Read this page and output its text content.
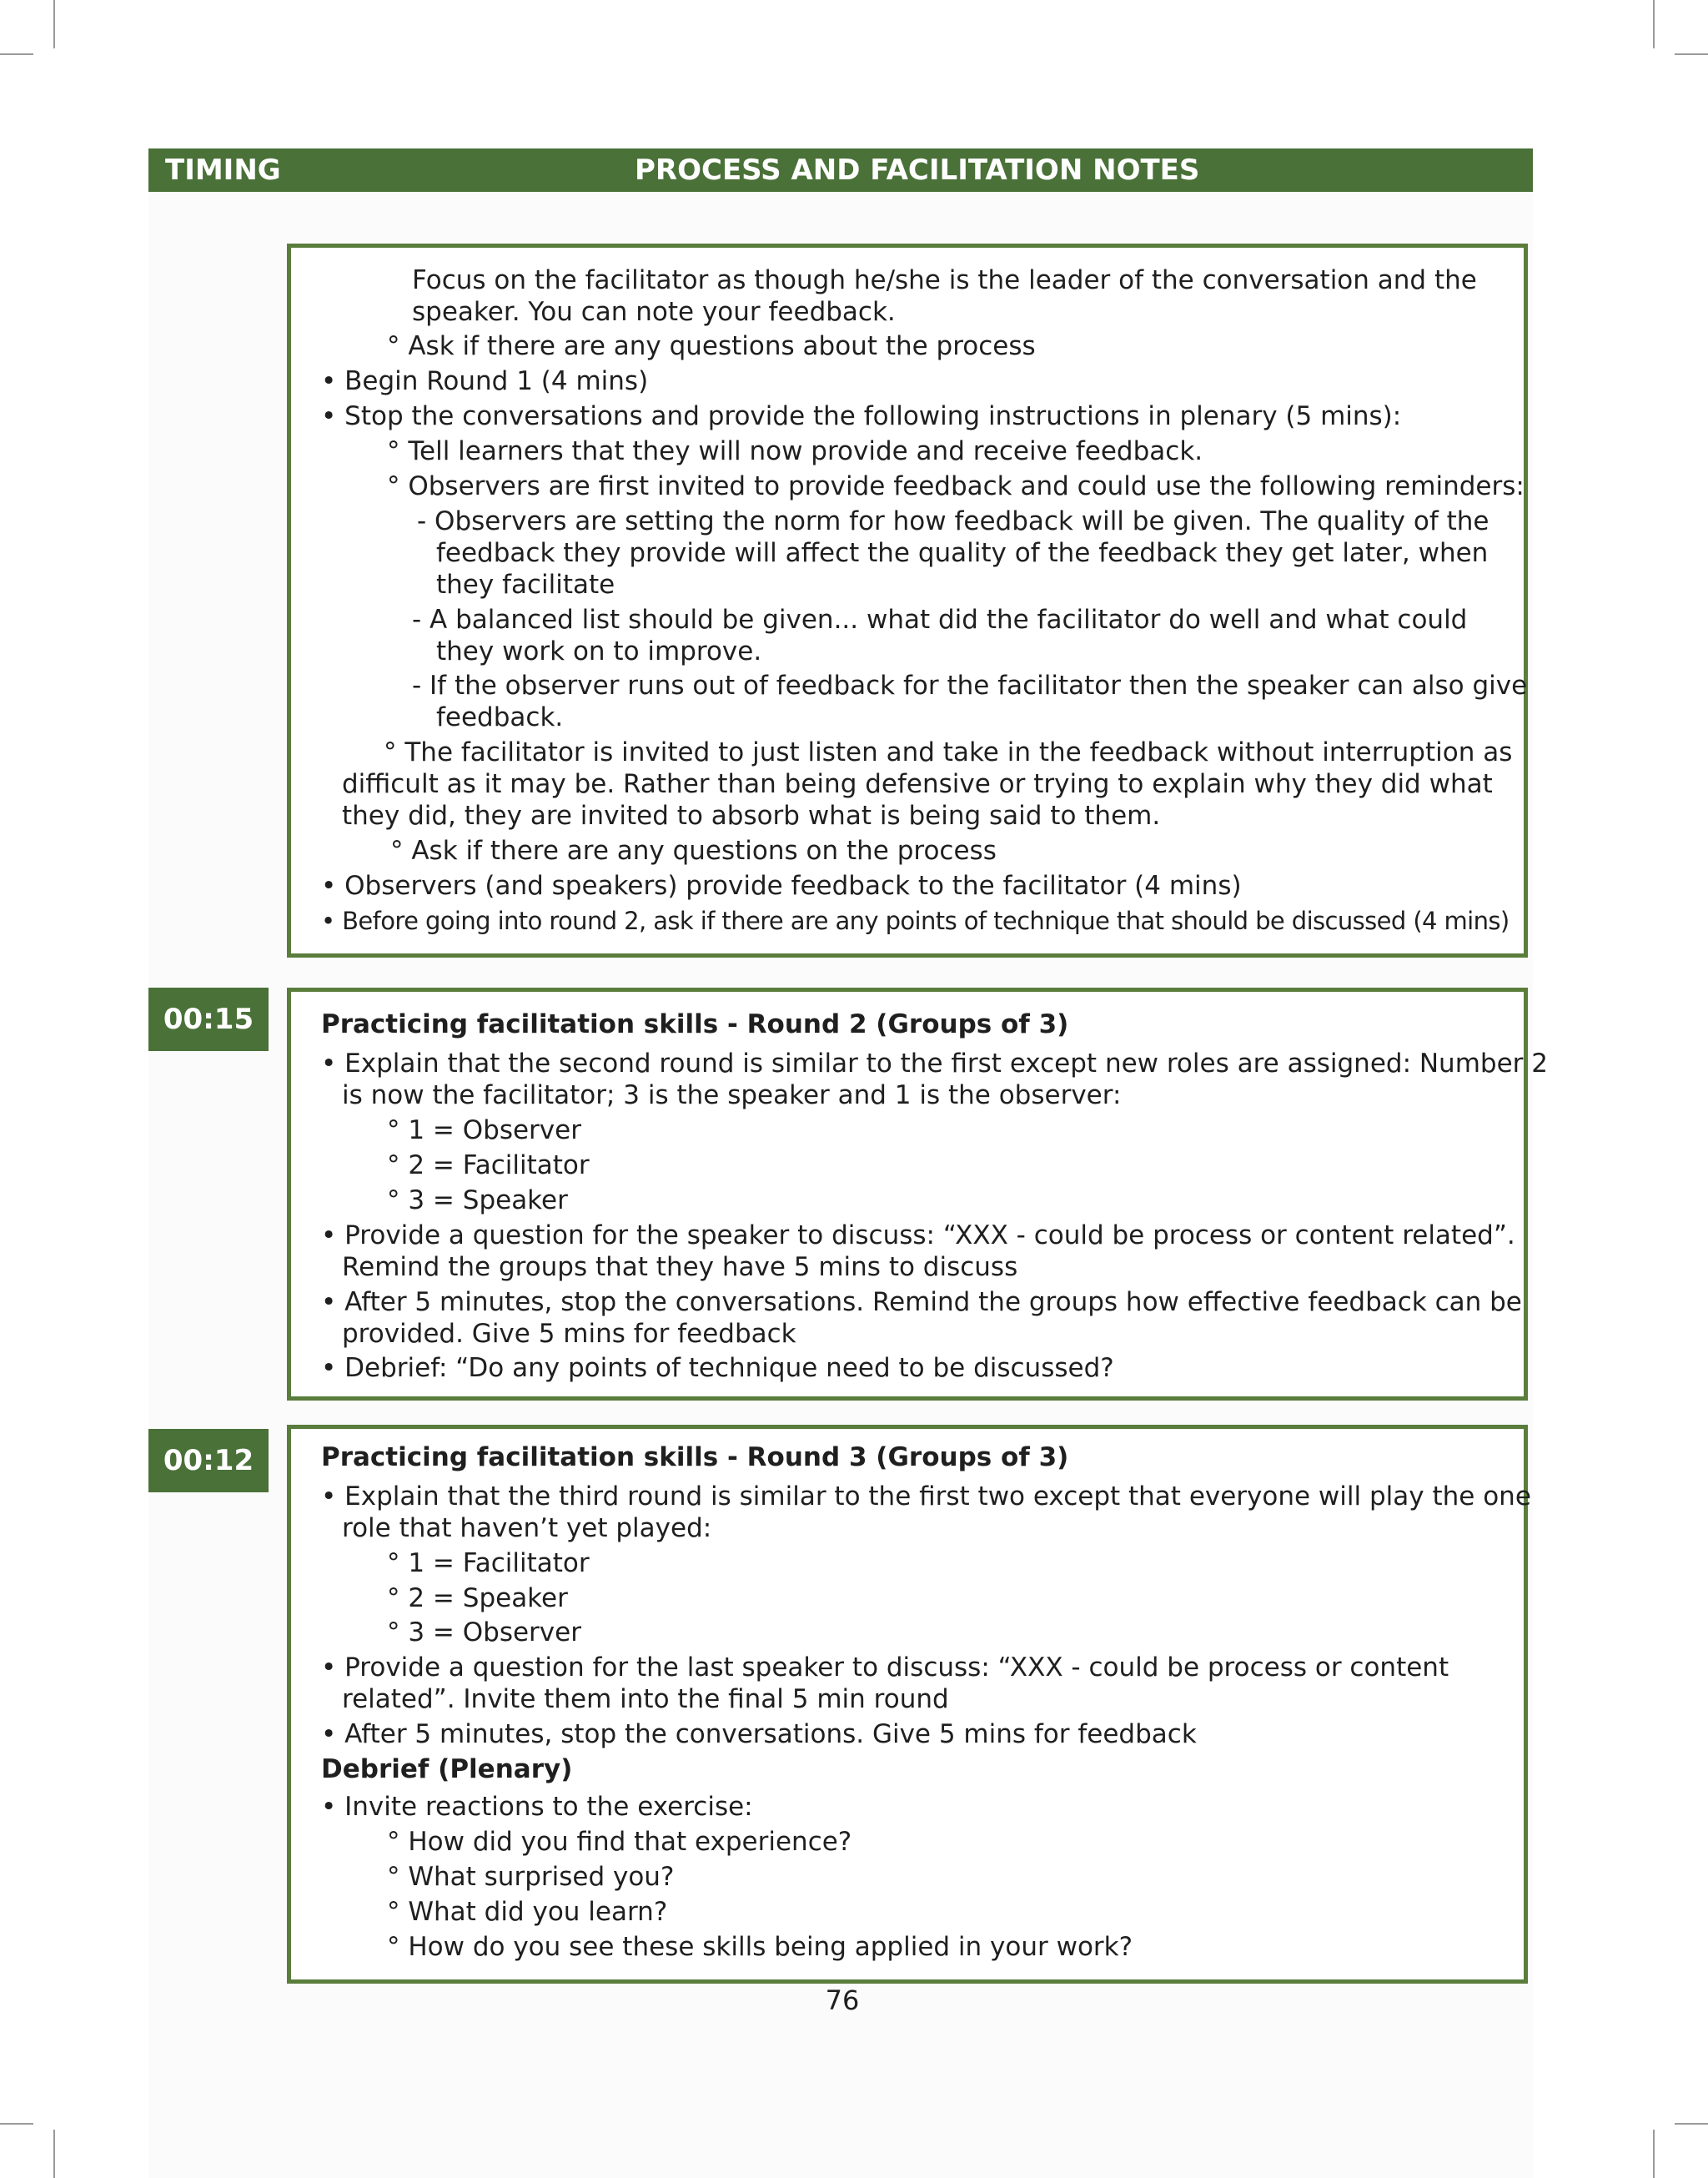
TIMING	PROCESS AND FACILITATION NOTES
Focus on the facilitator as though he/she is the leader of the conversation and the
speaker. You can note your feedback.
° Ask if there are any questions about the process
• Begin Round 1 (4 mins)
• Stop the conversations and provide the following instructions in plenary (5 mins):
° Tell learners that they will now provide and receive feedback.
° Observers are first invited to provide feedback and could use the following reminders:
- Observers are setting the norm for how feedback will be given. The quality of the
feedback they provide will affect the quality of the feedback they get later, when
they facilitate
- A balanced list should be given... what did the facilitator do well and what could
they work on to improve.
- If the observer runs out of feedback for the facilitator then the speaker can also give
feedback.
° The facilitator is invited to just listen and take in the feedback without interruption as
difficult as it may be. Rather than being defensive or trying to explain why they did what
they did, they are invited to absorb what is being said to them.
° Ask if there are any questions on the process
• Observers (and speakers) provide feedback to the facilitator (4 mins)
• Before going into round 2, ask if there are any points of technique that should be discussed (4 mins)
00:15	Practicing facilitation skills - Round 2 (Groups of 3)
• Explain that the second round is similar to the first except new roles are assigned: Number 2
is now the facilitator; 3 is the speaker and 1 is the observer:
° 1 = Observer
° 2 = Facilitator
° 3 = Speaker
• Provide a question for the speaker to discuss: “XXX - could be process or content related”.
Remind the groups that they have 5 mins to discuss
• After 5 minutes, stop the conversations. Remind the groups how effective feedback can be
provided. Give 5 mins for feedback
• Debrief: “Do any points of technique need to be discussed?
00:12	Practicing facilitation skills - Round 3 (Groups of 3)
• Explain that the third round is similar to the first two except that everyone will play the one
role that haven’t yet played:
° 1 = Facilitator
° 2 = Speaker
° 3 = Observer
• Provide a question for the last speaker to discuss: “XXX - could be process or content
related”. Invite them into the final 5 min round
• After 5 minutes, stop the conversations. Give 5 mins for feedback
Debrief (Plenary)
• Invite reactions to the exercise:
° How did you find that experience?
° What surprised you?
° What did you learn?
° How do you see these skills being applied in your work?
76
